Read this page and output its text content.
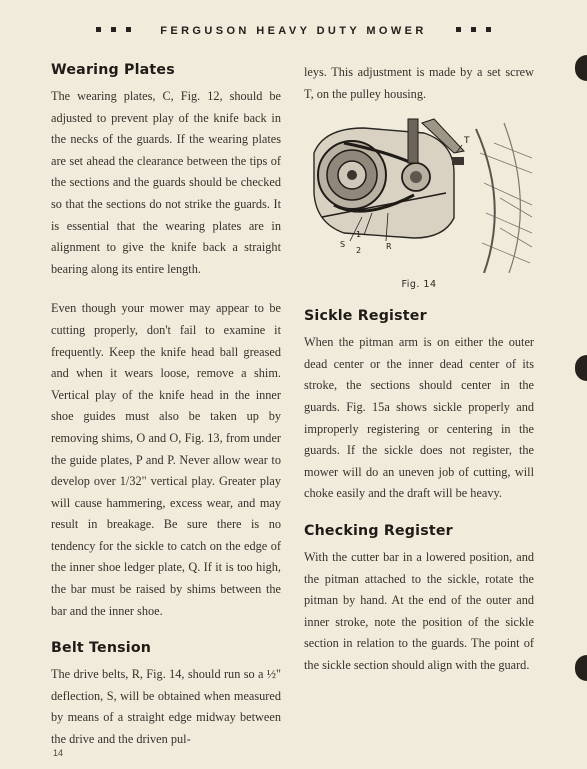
FERGUSON HEAVY DUTY MOWER
Wearing Plates

The wearing plates, C, Fig. 12, should be adjusted to prevent play of the knife back in the necks of the guards. If the wearing plates are set ahead the clearance between the tips of the sections and the guards should be checked so that the sections do not strike the guards. It is essential that the wearing plates are in alignment to give the knife back a straight bearing along its entire length.

Even though your mower may appear to be cutting properly, don't fail to examine it frequently. Keep the knife head ball greased and when it wears loose, remove a shim. Vertical play of the knife head in the inner shoe guides must also be taken up by removing shims, O and O, Fig. 13, from under the guide plates, P and P. Never allow wear to develop over 1/32" vertical play. Greater play will cause hammering, excess wear, and may result in breakage. Be sure there is no tendency for the sickle to catch on the edge of the inner shoe ledger plate, Q. If it is too high, the bar must be raised by shims between the bar and the inner shoe.

Belt Tension

The drive belts, R, Fig. 14, should run so a ½" deflection, S, will be obtained when measured by means of a straight edge midway between the drive and the driven pul-

leys. This adjustment is made by a set screw T, on the pulley housing.

T
S
1
2	R
Fig. 14
Sickle Register

When the pitman arm is on either the outer dead center or the inner dead center of its stroke, the sections should center in the guards. Fig. 15a shows sickle properly and improperly registering or centering in the guards. If the sickle does not register, the mower will do an uneven job of cutting, will choke easily and the draft will be heavy.

Checking Register

With the cutter bar in a lowered position, and the pitman attached to the sickle, rotate the pitman by hand. At the end of the outer and inner stroke, note the position of the sickle section in relation to the guards. The point of the sickle section should align with the guard.

14
